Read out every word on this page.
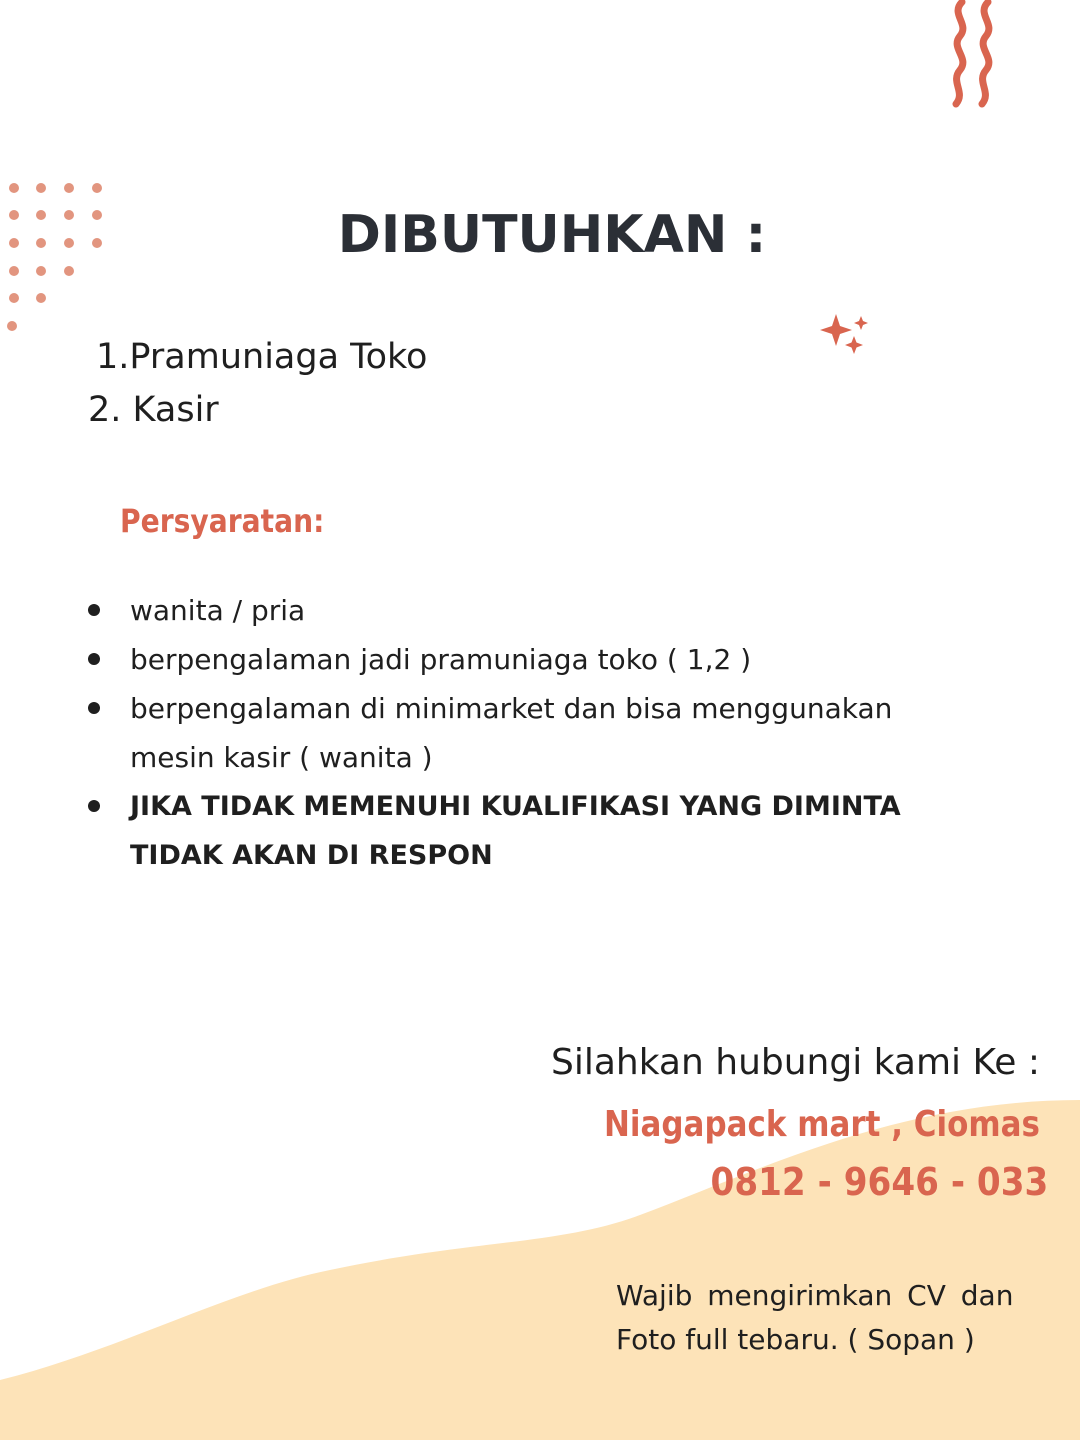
DIBUTUHKAN :
1.Pramuniaga Toko
2. Kasir
Persyaratan:
wanita / pria
berpengalaman jadi pramuniaga toko ( 1,2 )
berpengalaman di minimarket dan bisa menggunakan mesin kasir ( wanita )
JIKA TIDAK MEMENUHI KUALIFIKASI YANG DIMINTA TIDAK AKAN DI RESPON

Silahkan hubungi kami Ke :

Niagapack mart , Ciomas

0812 - 9646 - 033

Wajib mengirimkan CV dan
Foto full tebaru. ( Sopan )
